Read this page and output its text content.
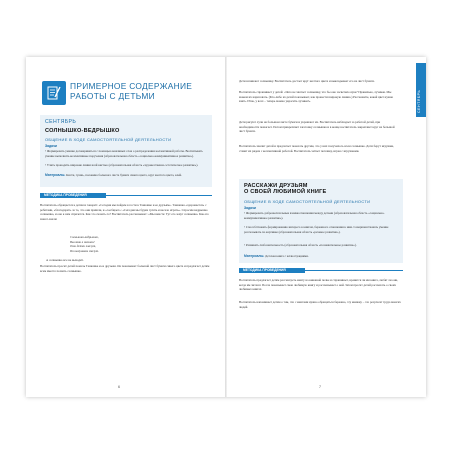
ПРИМЕРНОЕ СОДЕРЖАНИЕ
РАБОТЫ С ДЕТЬМИ
СЕНТЯБРЬ
СОЛНЫШКО-ВЕДРЫШКО
ОБЩЕНИЕ В ХОДЕ САМОСТОЯТЕЛЬНОЙ ДЕЯТЕЛЬНОСТИ
Задачи

• Формировать умение договариваться с помощью вежливых слов о распределении коллективной работы. Воспитывать умение выполнять коллективные поручения (образовательная область «социально-коммуникативное развитие»).

• Учить проводить широкие линии всей кистью (образовательная область «художественно-эстетическое развитие»).

Материалы. Кисти, гуашь, половина большого листа бумаги синего цвета, круг желтого цвета, клей.

МЕТОДИКА ПРОВЕДЕНИЯ

Воспитатель обращается к детям и говорит: «Сегодня мы пойдем в гости к Танюшке и ее друзьям». Танюшка «здоровается» с ребятами, «благодарит» за то, что они пришли, и «сообщает»: «Сегодня мы будем гулять и весело играть». Спросим ведрышко солнышко, и оно к нам спрячется. Как это сказать-то? Воспитатель рассказывает: «Мы вместе: Тут его зовут солнышко. Как его знают-знали:

Солнышко-ведрышко,
Выгляни в окошко!
Твои детки плачут,
По камушкам скачут.

А солнышко все не выходит.

Воспитатель просит детей помочь Танюшке и ее друзьям. Он показывает большой лист бумаги синего цвета и предлагает детям всем вместе позвать солнышко.

6
СЕНТЯБРЬ

Дети начинают солнышку. Воспитатель достает круг желтого цвета и выкладывает его на лист бумаги.

Воспитатель спрашивает у детей: «Чего не хватает солнышку, что бы оно засветило ярче? Правильно, лучиков. Мы можем их нарисовать. (Кто-либо из детей показывает, как провести широкую линию.) Расскажите, какой цвет нужно взять. Итак, у всех – теперь можно украсить лучики!».

Дети рисуют лучи на большом листе бумаги и украшают их. Воспитатель наблюдает за работой детей, при необходимости помогает. Потом прикрепляет заготовку солнышка и в конце воспитатель закрепляет круг на большой лист бумаги.

Воспитатель хвалит детей и предлагает показать другим, что у них получилось всем солнышко. Дети берут игрушки, ставят их рядом с коллективной работой. Воспитатель читает потешку, играя с игрушками.

РАССКАЖИ ДРУЗЬЯМ
О СВОЕЙ ЛЮБИМОЙ КНИГЕ
ОБЩЕНИЕ В ХОДЕ САМОСТОЯТЕЛЬНОЙ ДЕЯТЕЛЬНОСТИ
Задачи

• Формировать доброжелательные взаимоотношения между детьми (образовательная область «социально-коммуникативное развитие»).

• Способствовать формированию интереса к книгам, бережного отношения к ним. Совершенствовать умение рассказывать по картинке (образовательная область «речевое развитие»).

• Развивать любознательность (образовательная область «познавательное развитие»).

Материалы. Детская книга с иллюстрациями.

МЕТОДИКА ПРОВЕДЕНИЯ

Воспитатель предлагает детям рассмотреть книгу на книжной полке и спрашивает, нравится ли им книга, любят ли они, когда им читают. После показывает свою любимую книгу и рассказывает о ней. Затем просит детей рассказать о своих любимых книгах.

Воспитатель напоминает детям о том, что с книгами нужно обращаться бережно, эту книжку – это результат труда многих людей.

7
